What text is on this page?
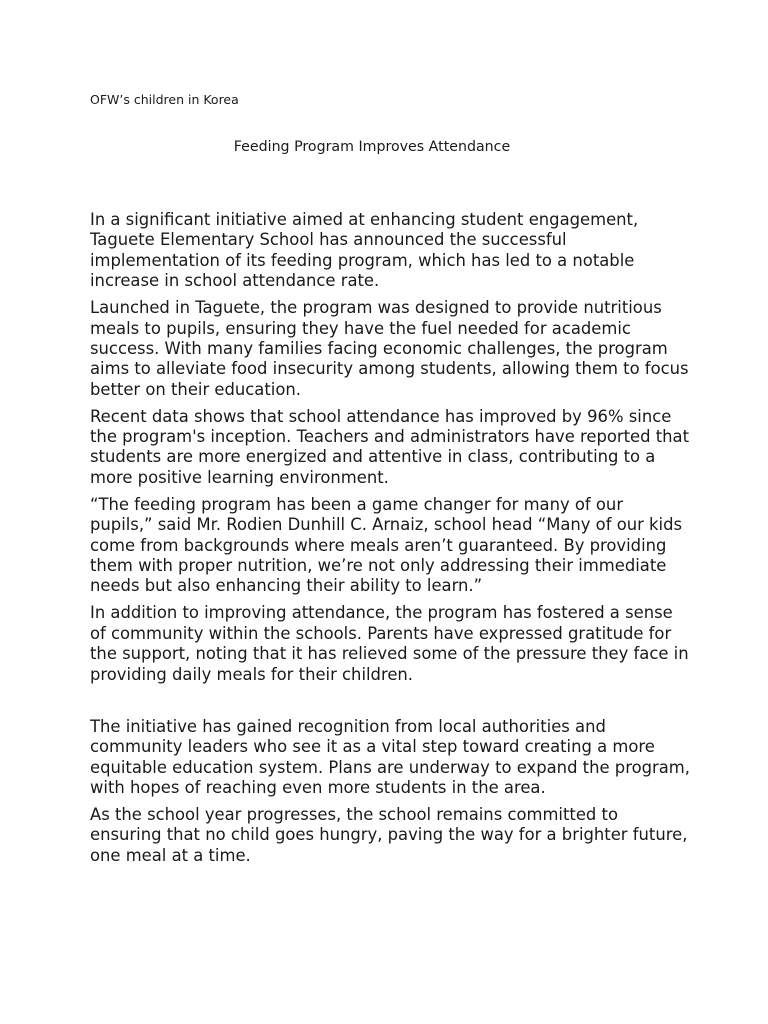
OFW’s children in Korea
Feeding Program Improves Attendance

In a significant initiative aimed at enhancing student engagement, Taguete Elementary School has announced the successful implementation of its feeding program, which has led to a notable increase in school attendance rate.

Launched in Taguete, the program was designed to provide nutritious meals to pupils, ensuring they have the fuel needed for academic success. With many families facing economic challenges, the program aims to alleviate food insecurity among students, allowing them to focus better on their education.

Recent data shows that school attendance has improved by 96% since the program's inception. Teachers and administrators have reported that students are more energized and attentive in class, contributing to a more positive learning environment.

“The feeding program has been a game changer for many of our pupils,” said Mr. Rodien Dunhill C. Arnaiz, school head “Many of our kids come from backgrounds where meals aren’t guaranteed. By providing them with proper nutrition, we’re not only addressing their immediate needs but also enhancing their ability to learn.”

In addition to improving attendance, the program has fostered a sense of community within the schools. Parents have expressed gratitude for the support, noting that it has relieved some of the pressure they face in providing daily meals for their children.

The initiative has gained recognition from local authorities and community leaders who see it as a vital step toward creating a more equitable education system. Plans are underway to expand the program, with hopes of reaching even more students in the area.

As the school year progresses, the school remains committed to ensuring that no child goes hungry, paving the way for a brighter future, one meal at a time.
